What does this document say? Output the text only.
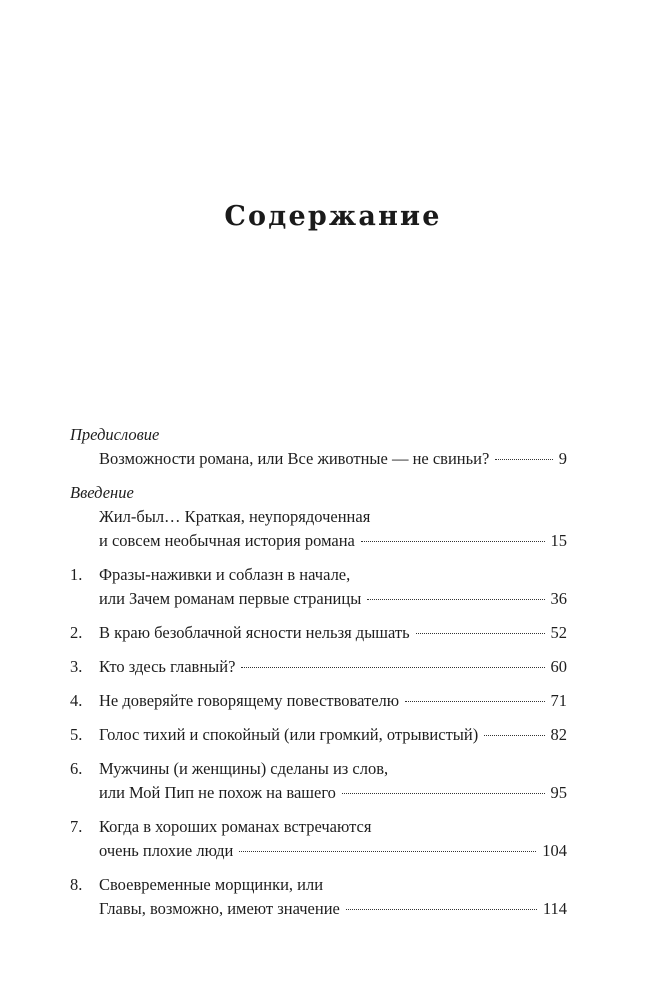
Содержание
Предисловие
Возможности романа, или Все животные — не свиньи?	9
Введение
Жил-был… Краткая, неупорядоченная
и совсем необычная история романа	15
1.	Фразы-наживки и соблазн в начале,
или Зачем романам первые страницы	36
2.	В краю безоблачной ясности нельзя дышать	52
3.	Кто здесь главный?	60
4.	Не доверяйте говорящему повествователю	71
5.	Голос тихий и спокойный (или громкий, отрывистый)	82
6.	Мужчины (и женщины) сделаны из слов,
или Мой Пип не похож на вашего	95
7.	Когда в хороших романах встречаются
очень плохие люди	104
8.	Своевременные морщинки, или
Главы, возможно, имеют значение	114
